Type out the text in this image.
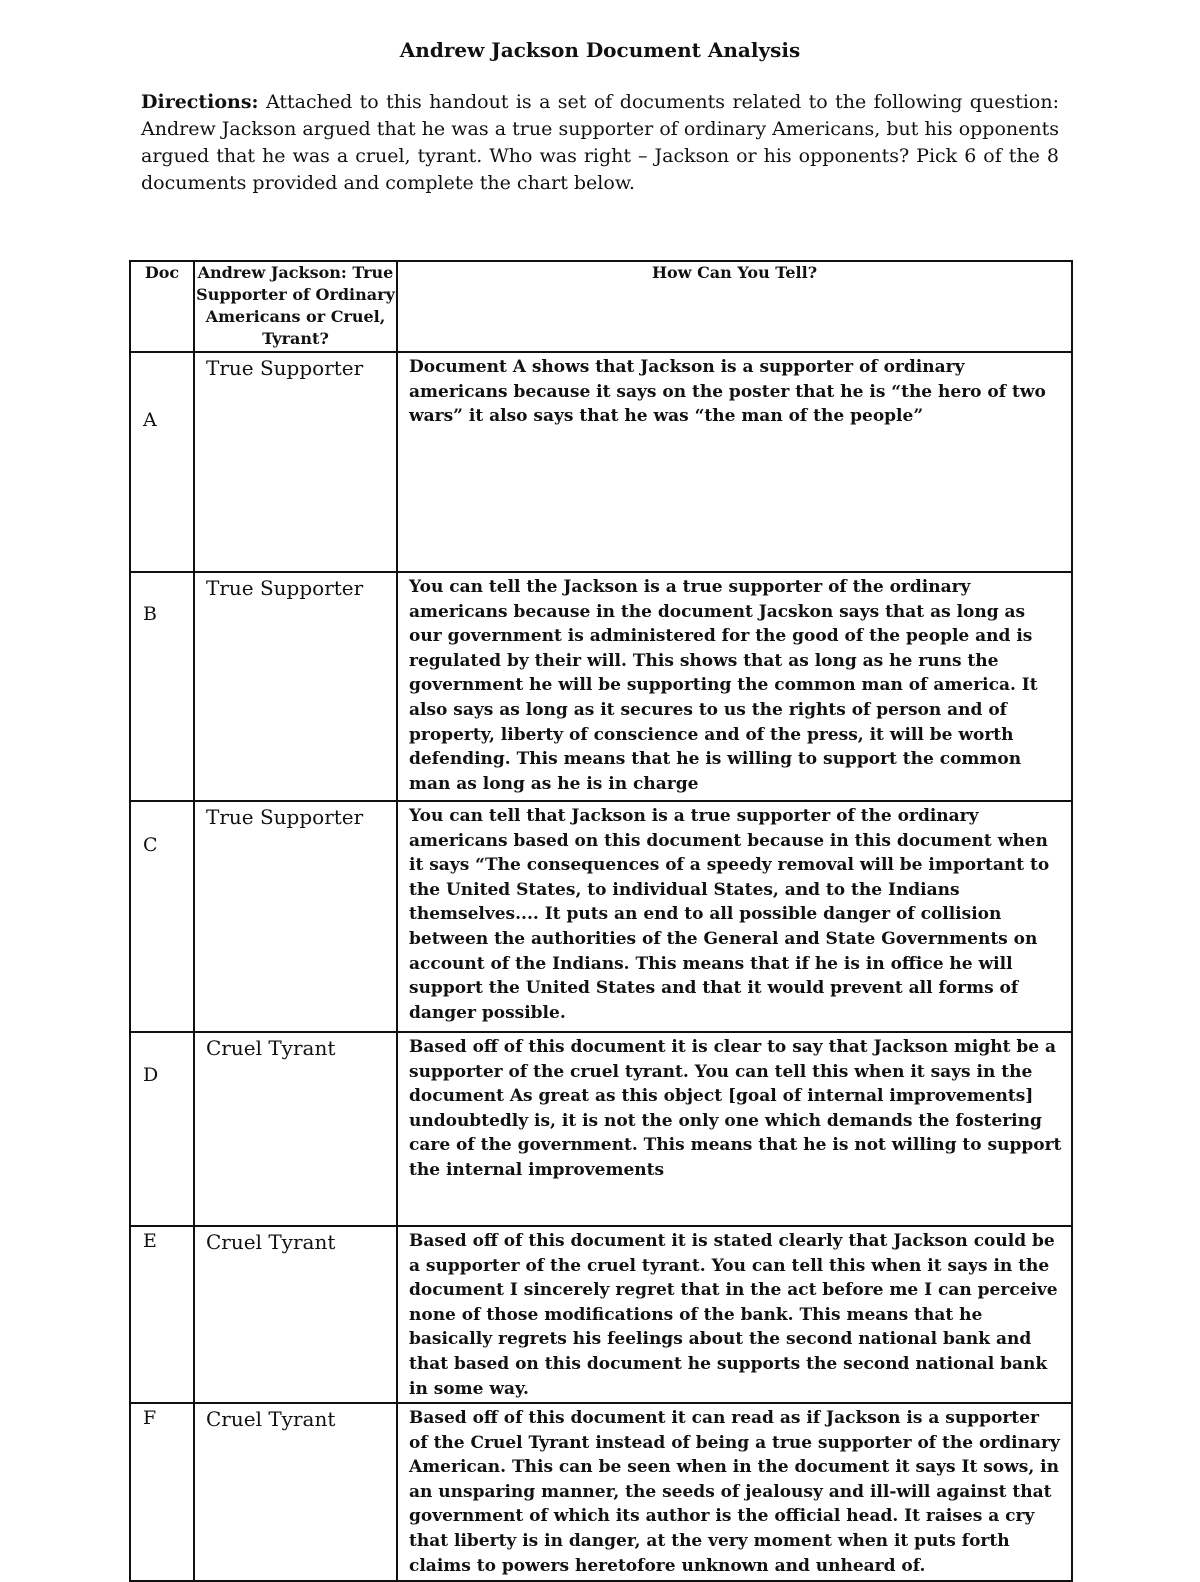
Andrew Jackson Document Analysis
Directions: Attached to this handout is a set of documents related to the following question: Andrew Jackson argued that he was a true supporter of ordinary Americans, but his opponents argued that he was a cruel, tyrant. Who was right – Jackson or his opponents? Pick 6 of the 8 documents provided and complete the chart below.
Doc	Andrew Jackson: True Supporter of Ordinary Americans or Cruel, Tyrant?	How Can You Tell?
A	True Supporter	Document A shows that Jackson is a supporter of ordinary americans because it says on the poster that he is “the hero of two wars” it also says that he was “the man of the people”
B	True Supporter	You can tell the Jackson is a true supporter of the ordinary americans because in the document Jacskon says that as long as our government is administered for the good of the people and is regulated by their will. This shows that as long as he runs the government he will be supporting the common man of america. It also says as long as it secures to us the rights of person and of property, liberty of conscience and of the press, it will be worth defending. This means that he is willing to support the common man as long as he is in charge
C	True Supporter	You can tell that Jackson is a true supporter of the ordinary americans based on this document because in this document when it says “The consequences of a speedy removal will be important to the United States, to individual States, and to the Indians themselves.... It puts an end to all possible danger of collision between the authorities of the General and State Governments on account of the Indians. This means that if he is in office he will support the United States and that it would prevent all forms of danger possible.
D	Cruel Tyrant	Based off of this document it is clear to say that Jackson might be a supporter of the cruel tyrant. You can tell this when it says in the document As great as this object [goal of internal improvements] undoubtedly is, it is not the only one which demands the fostering care of the government. This means that he is not willing to support the internal improvements
E	Cruel Tyrant	Based off of this document it is stated clearly that Jackson could be a supporter of the cruel tyrant. You can tell this when it says in the document I sincerely regret that in the act before me I can perceive none of those modifications of the bank. This means that he basically regrets his feelings about the second national bank and that based on this document he supports the second national bank in some way.
F	Cruel Tyrant	Based off of this document it can read as if Jackson is a supporter of the Cruel Tyrant instead of being a true supporter of the ordinary American. This can be seen when in the document it says It sows, in an unsparing manner, the seeds of jealousy and ill-will against that government of which its author is the official head. It raises a cry that liberty is in danger, at the very moment when it puts forth claims to powers heretofore unknown and unheard of.
